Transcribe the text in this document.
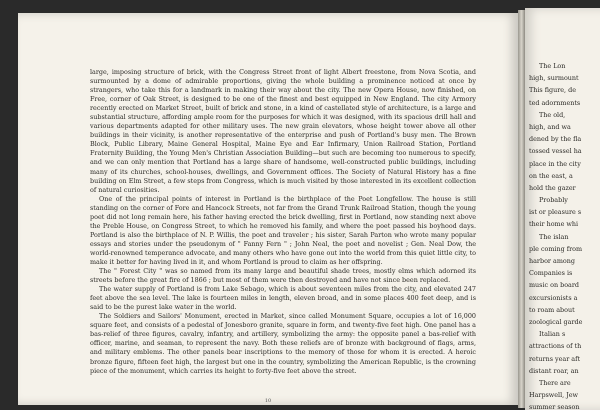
large, imposing structure of brick, with the Congress Street front of light Albert freestone, from Nova Scotia, and surmounted by a dome of admirable proportions, giving the whole building a prominence noticed at once by strangers, who take this for a landmark in making their way about the city. The new Opera House, now finished, on Free, corner of Oak Street, is designed to be one of the finest and best equipped in New England. The city Armory recently erected on Market Street, built of brick and stone, in a kind of castellated style of architecture, is a large and substantial structure, affording ample room for the purposes for which it was designed, with its spacious drill hall and various departments adapted for other military uses. The new grain elevators, whose height tower above all other buildings in their vicinity, is another representative of the enterprise and push of Portland's busy men. The Brown Block, Public Library, Maine General Hospital, Maine Eye and Ear Infirmary, Union Railroad Station, Portland Fraternity Building, the Young Men's Christian Association Building—but such are becoming too numerous to specify, and we can only mention that Portland has a large share of handsome, well-constructed public buildings, including many of its churches, school-houses, dwellings, and Government offices. The Society of Natural History has a fine building on Elm Street, a few steps from Congress, which is much visited by those interested in its excellent collection of natural curiosities.

One of the principal points of interest in Portland is the birthplace of the Poet Longfellow. The house is still standing on the corner of Fore and Hancock Streets, not far from the Grand Trunk Railroad Station, though the young poet did not long remain here, his father having erected the brick dwelling, first in Portland, now standing next above the Preble House, on Congress Street, to which he removed his family, and where the poet passed his boyhood days. Portland is also the birthplace of N. P. Willis, the poet and traveler ; his sister, Sarah Parton who wrote many popular essays and stories under the pseudonym of " Fanny Fern " ; John Neal, the poet and novelist ; Gen. Neal Dow, the world-renowned temperance advocate, and many others who have gone out into the world from this quiet little city, to make it better for having lived in it, and whom Portland is proud to claim as her offspring.

The " Forest City " was so named from its many large and beautiful shade trees, mostly elms which adorned its streets before the great fire of 1866 ; but most of them were then destroyed and have not since been replaced.

The water supply of Portland is from Lake Sebago, which is about seventeen miles from the city, and elevated 247 feet above the sea level. The lake is fourteen miles in length, eleven broad, and in some places 400 feet deep, and is said to be the purest lake water in the world.

The Soldiers and Sailors' Monument, erected in Market, since called Monument Square, occupies a lot of 16,000 square feet, and consists of a pedestal of Jonesboro granite, square in form, and twenty-five feet high. One panel has a bas-relief of three figures, cavalry, infantry, and artillery, symbolizing the army: the opposite panel a bas-relief with officer, marine, and seaman, to represent the navy. Both these reliefs are of bronze with background of flags, arms, and military emblems. The other panels bear inscriptions to the memory of those for whom it is erected. A heroic bronze figure, fifteen feet high, the largest but one in the country, symbolizing the American Republic, is the crowning piece of the monument, which carries its height to forty-five feet above the street.

10
The Lon
high, surmount
This figure, de
ted adornments
The old,
high, and wa
dened by the fla
tossed vessel ha
place in the city
on the east, a
hold the gazer
Probably
ist or pleasure s
their home whi
The islan
ple coming from
harbor among
Companies is
music on board
excursionists a
to roam about
zoological garde
Italian s
attractions of th
returns year aft
distant roar, an
There are
Harpswell, Jew
summer season
